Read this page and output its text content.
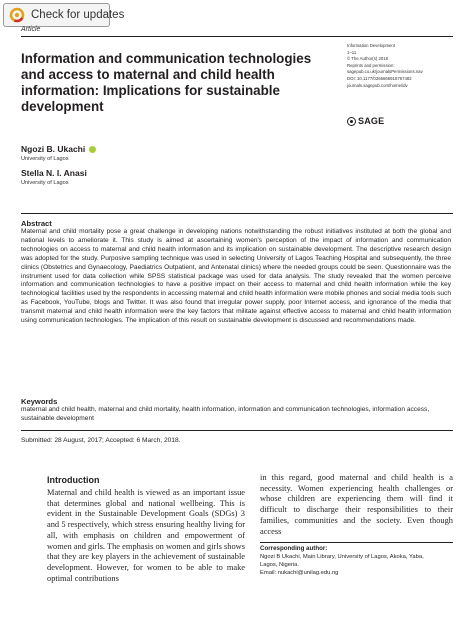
Check for updates
Article
Information and communication technologies and access to maternal and child health information: Implications for sustainable development
Information Development
1–11
© The Author(s) 2018
Reprints and permission:
sagepub.co.uk/journalsPermissions.nav
DOI: 10.1177/0266666918767482
journals.sagepub.com/home/idv
SAGE
Ngozi B. Ukachi
University of Lagos
Stella N. I. Anasi
University of Lagos
Abstract

Maternal and child mortality pose a great challenge in developing nations notwithstanding the robust initiatives instituted at both the global and national levels to ameliorate it. This study is aimed at ascertaining women's perception of the impact of information and communication technologies on access to maternal and child health information and its implication on sustainable development. The descriptive research design was adopted for the study. Purposive sampling technique was used in selecting University of Lagos Teaching Hospital and subsequently, the three clinics (Obstetrics and Gynaecology, Paediatrics Outpatient, and Antenatal clinics) where the needed groups could be seen. Questionnaire was the instrument used for data collection while SPSS statistical package was used for data analysis. The study revealed that the women perceive information and communication technologies to have a positive impact on their access to maternal and child health information while the key technological facilities used by the respondents in accessing maternal and child health information were mobile phones and social media tools such as Facebook, YouTube, blogs and Twitter. It was also found that irregular power supply, poor Internet access, and ignorance of the media that transmit maternal and child health information were the key factors that militate against effective access to maternal and child health information using communication technologies. The implication of this result on sustainable development is discussed and recommendations made.

Keywords

maternal and child health, maternal and child mortality, health information, information and communication technologies, information access, sustainable development

Submitted: 28 August, 2017; Accepted: 6 March, 2018.
Introduction

Maternal and child health is viewed as an important issue that determines global and national wellbeing. This is evident in the Sustainable Development Goals (SDGs) 3 and 5 respectively, which stress ensuring healthy living for all, with emphasis on children and empowerment of women and girls. The emphasis on women and girls shows that they are key players in the achievement of sustainable development. However, for women to be able to make optimal contributions

in this regard, good maternal and child health is a necessity. Women experiencing health challenges or whose children are experiencing them will find it difficult to discharge their responsibilities to their families, communities and the society. Even though access

Corresponding author:
Ngozi B Ukachi, Main Library, University of Lagos, Akoka, Yaba, Lagos, Nigeria.
Email: nukachi@unilag.edu.ng
